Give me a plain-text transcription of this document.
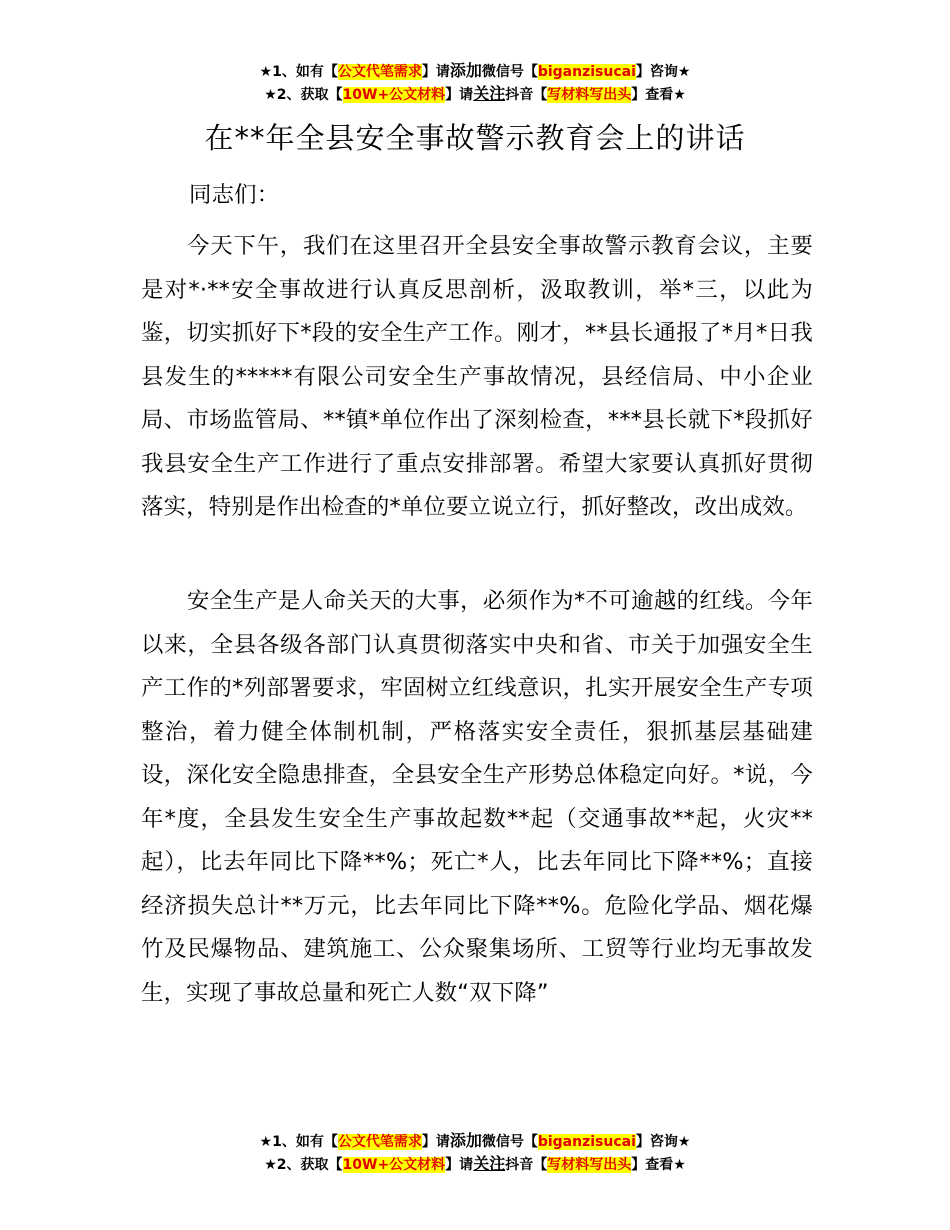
★1、如有【公文代笔需求】请添加微信号【biganzisucai】咨询★
★2、获取【10W+公文材料】请关注抖音【写材料写出头】查看★
在**年全县安全事故警示教育会上的讲话
同志们：
今天下午，我们在这里召开全县安全事故警示教育会议，主要是对*·**安全事故进行认真反思剖析，汲取教训，举*三，以此为鉴，切实抓好下*段的安全生产工作。刚才，**县长通报了*月*日我县发生的*****有限公司安全生产事故情况，县经信局、中小企业局、市场监管局、**镇*单位作出了深刻检查，***县长就下*段抓好我县安全生产工作进行了重点安排部署。希望大家要认真抓好贯彻落实，特别是作出检查的*单位要立说立行，抓好整改，改出成效。
安全生产是人命关天的大事，必须作为*不可逾越的红线。今年以来，全县各级各部门认真贯彻落实中央和省、市关于加强安全生产工作的*列部署要求，牢固树立红线意识，扎实开展安全生产专项整治，着力健全体制机制，严格落实安全责任，狠抓基层基础建设，深化安全隐患排查，全县安全生产形势总体稳定向好。*说，今年*度，全县发生安全生产事故起数**起（交通事故**起，火灾**起），比去年同比下降**%；死亡*人，比去年同比下降**%；直接经济损失总计**万元，比去年同比下降**%。危险化学品、烟花爆竹及民爆物品、建筑施工、公众聚集场所、工贸等行业均无事故发生，实现了事故总量和死亡人数“双下降”
★1、如有【公文代笔需求】请添加微信号【biganzisucai】咨询★
★2、获取【10W+公文材料】请关注抖音【写材料写出头】查看★
